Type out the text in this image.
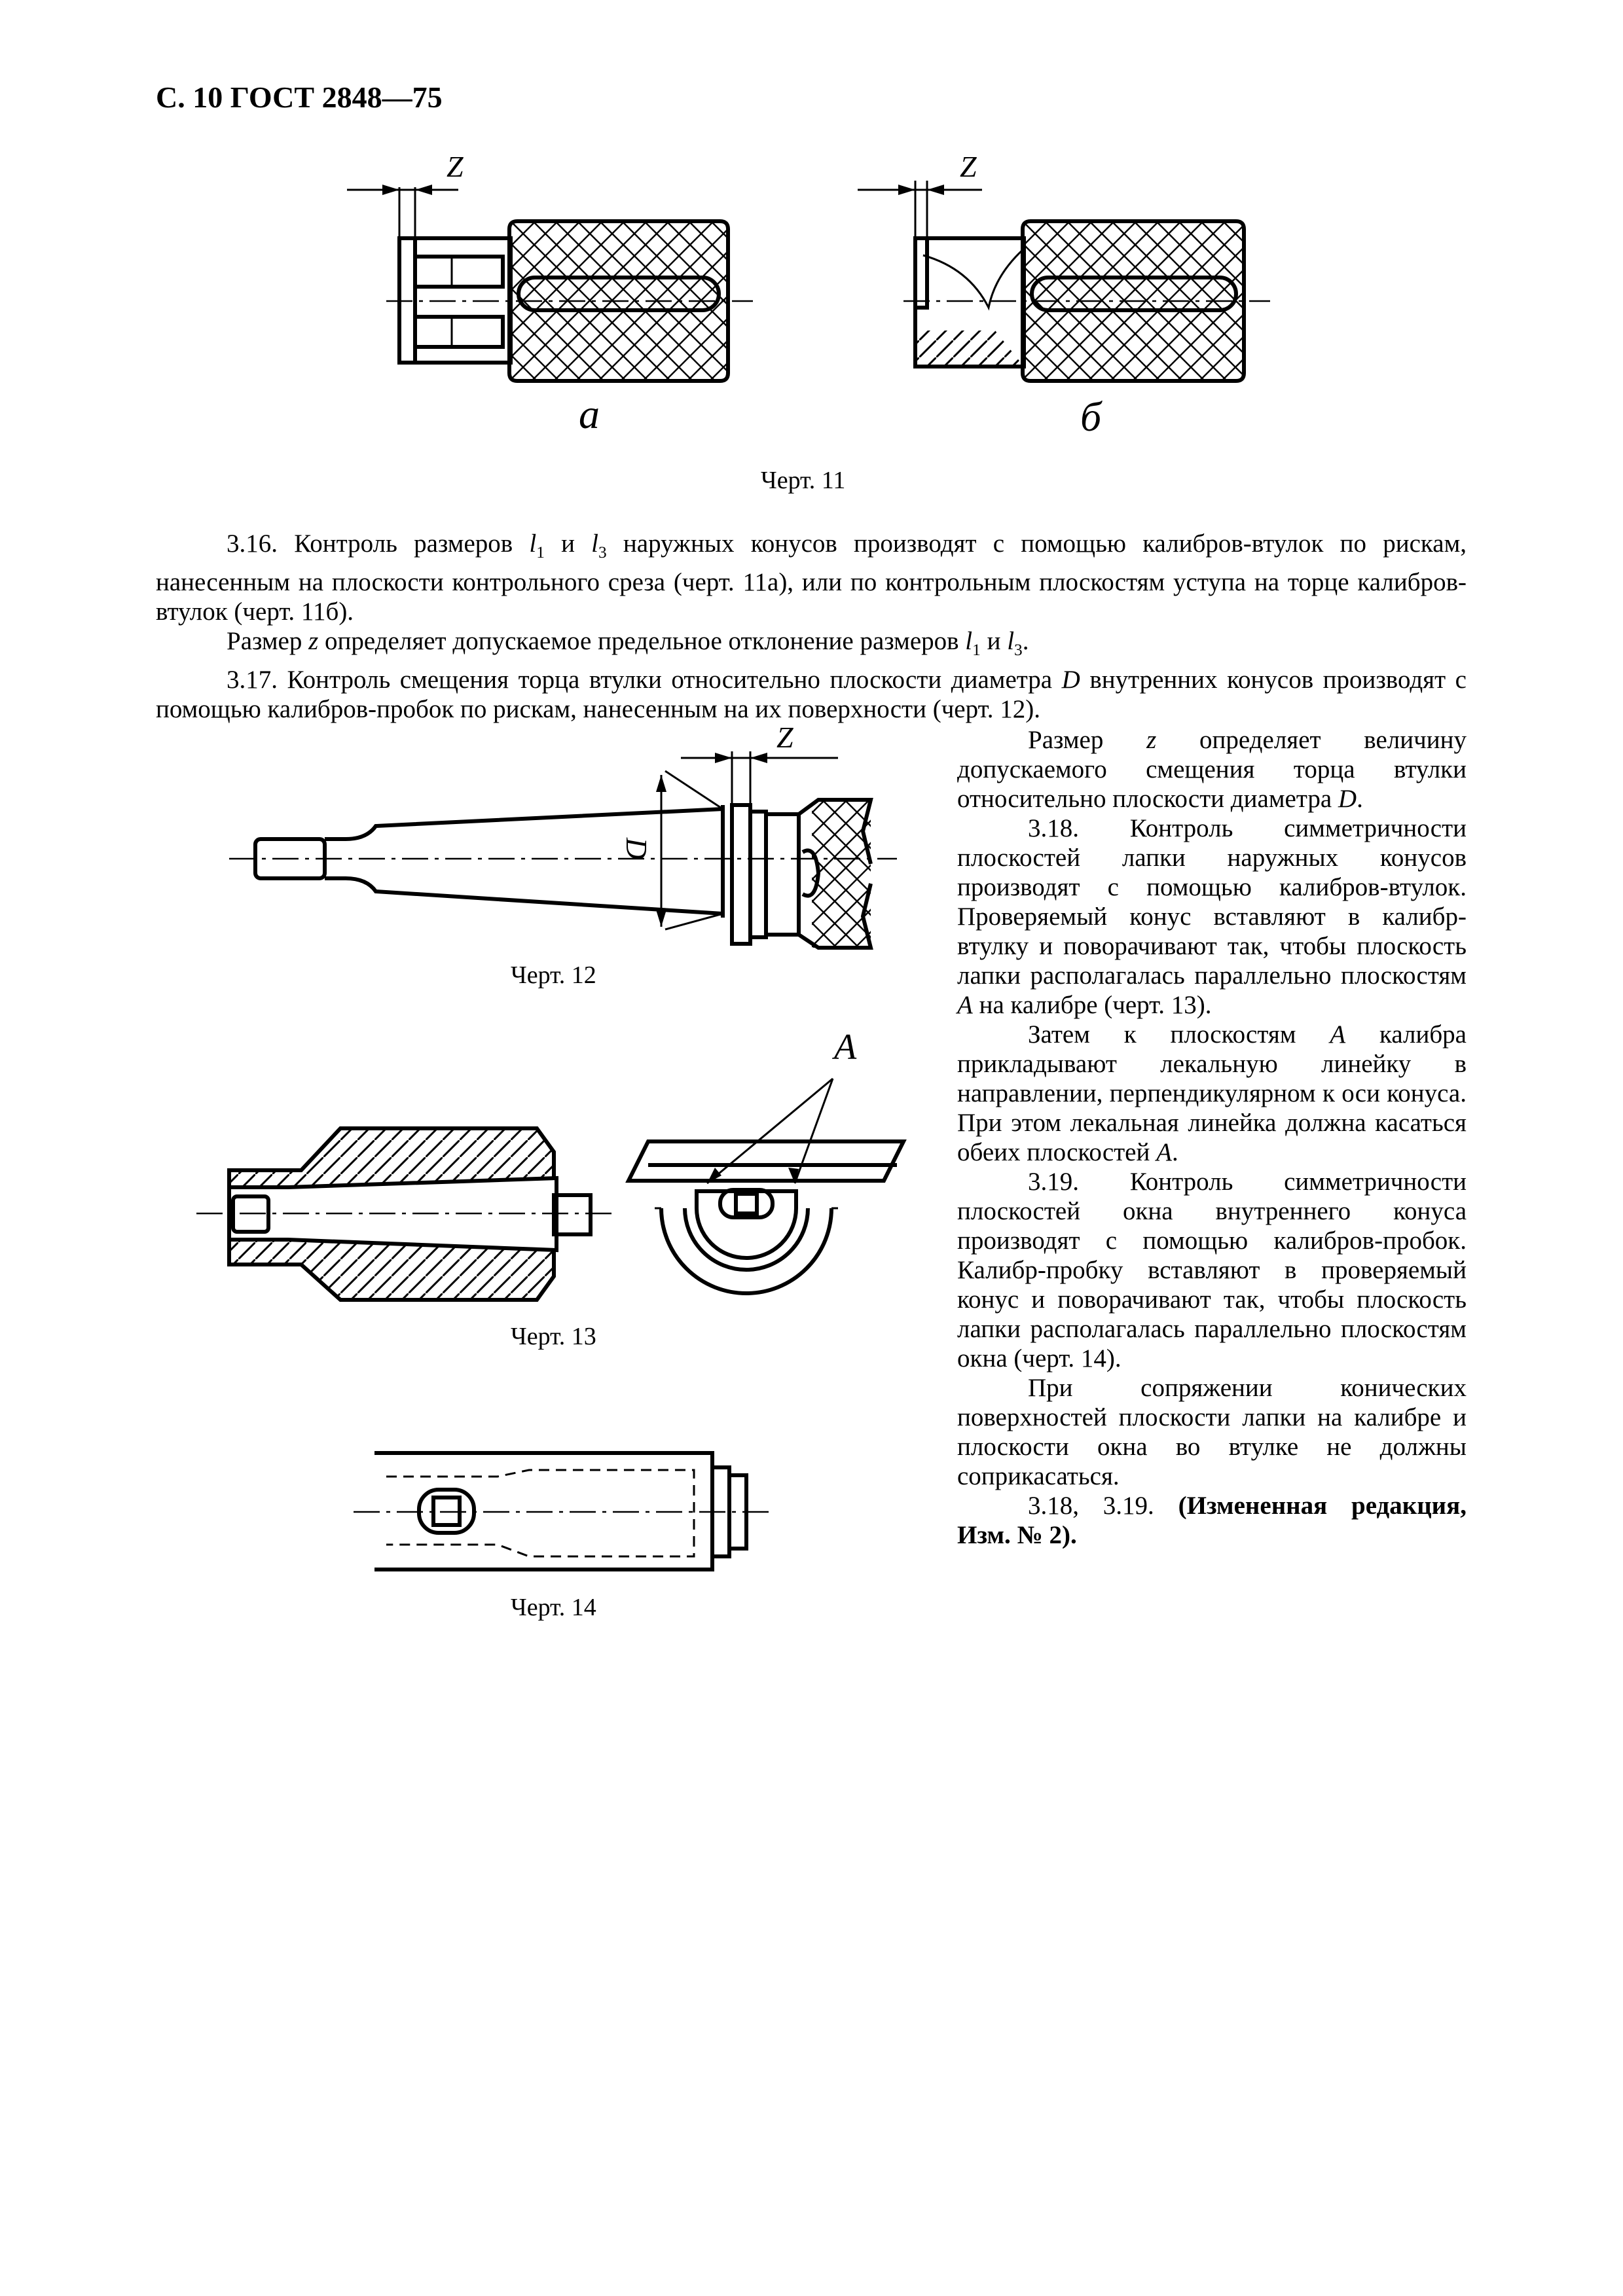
С. 10 ГОСТ 2848—75
Z	Z
a	б
Черт. 11
Z
D
Черт. 12
A
Черт. 13
Черт. 14

3.16. Контроль размеров $l_1$ и $l_3$ наружных конусов производят с помощью калибров-втулок по рискам, нанесенным на плоскости контрольного среза (черт. 11а), или по контрольным плоскостям уступа на торце калибров-втулок (черт. 11б).

Размер z определяет допускаемое предельное отклонение размеров $l_1$ и $l_3$.

3.17. Контроль смещения торца втулки относительно плоскости диаметра D внутренних конусов производят с помощью калибров-пробок по рискам, нанесенным на их поверхности (черт. 12).

Размер z определяет величину допускаемого смещения торца втулки относительно плоскости диаметра D.

3.18. Контроль симметричности плоскостей лапки наружных конусов производят с помощью калибров-втулок. Проверяемый конус вставляют в калибр-втулку и поворачивают так, чтобы плоскость лапки располагалась параллельно плоскостям A на калибре (черт. 13).

Затем к плоскостям A калибра прикладывают лекальную линейку в направлении, перпендикулярном к оси конуса. При этом лекальная линейка должна касаться обеих плоскостей A.

3.19. Контроль симметричности плоскостей окна внутреннего конуса производят с помощью калибров-пробок. Калибр-пробку вставляют в проверяемый конус и поворачивают так, чтобы плоскость лапки располагалась параллельно плоскостям окна (черт. 14).

При сопряжении конических поверхностей плоскости лапки на калибре и плоскости окна во втулке не должны соприкасаться.

3.18, 3.19. (Измененная редакция, Изм. № 2).
